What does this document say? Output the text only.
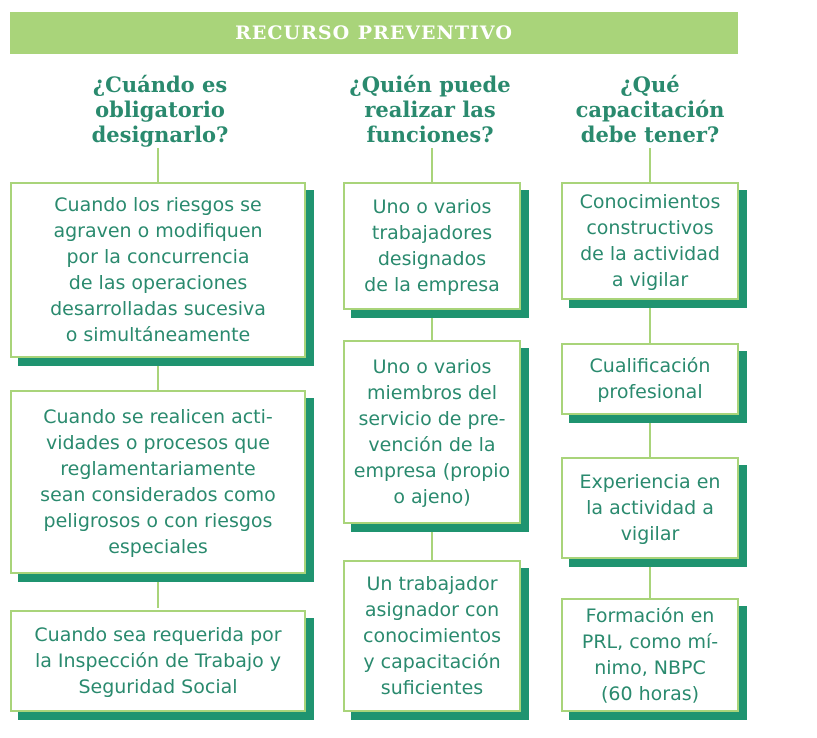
RECURSO PREVENTIVO
¿Cuándo es
obligatorio
designarlo?
¿Quién puede
realizar las
funciones?
¿Qué
capacitación
debe tener?
Cuando los riesgos se
agraven o modifiquen
por la concurrencia
de las operaciones
desarrolladas sucesiva
o simultáneamente
Cuando se realicen acti-
vidades o procesos que
reglamentariamente
sean considerados como
peligrosos o con riesgos
especiales
Cuando sea requerida por
la Inspección de Trabajo y
Seguridad Social
Uno o varios
trabajadores
designados
de la empresa
Uno o varios
miembros del
servicio de pre-
vención de la
empresa (propio
o ajeno)
Un trabajador
asignador con
conocimientos
y capacitación
suficientes
Conocimientos
constructivos
de la actividad
a vigilar
Cualificación
profesional
Experiencia en
la actividad a
vigilar
Formación en
PRL, como mí-
nimo, NBPC
(60 horas)
